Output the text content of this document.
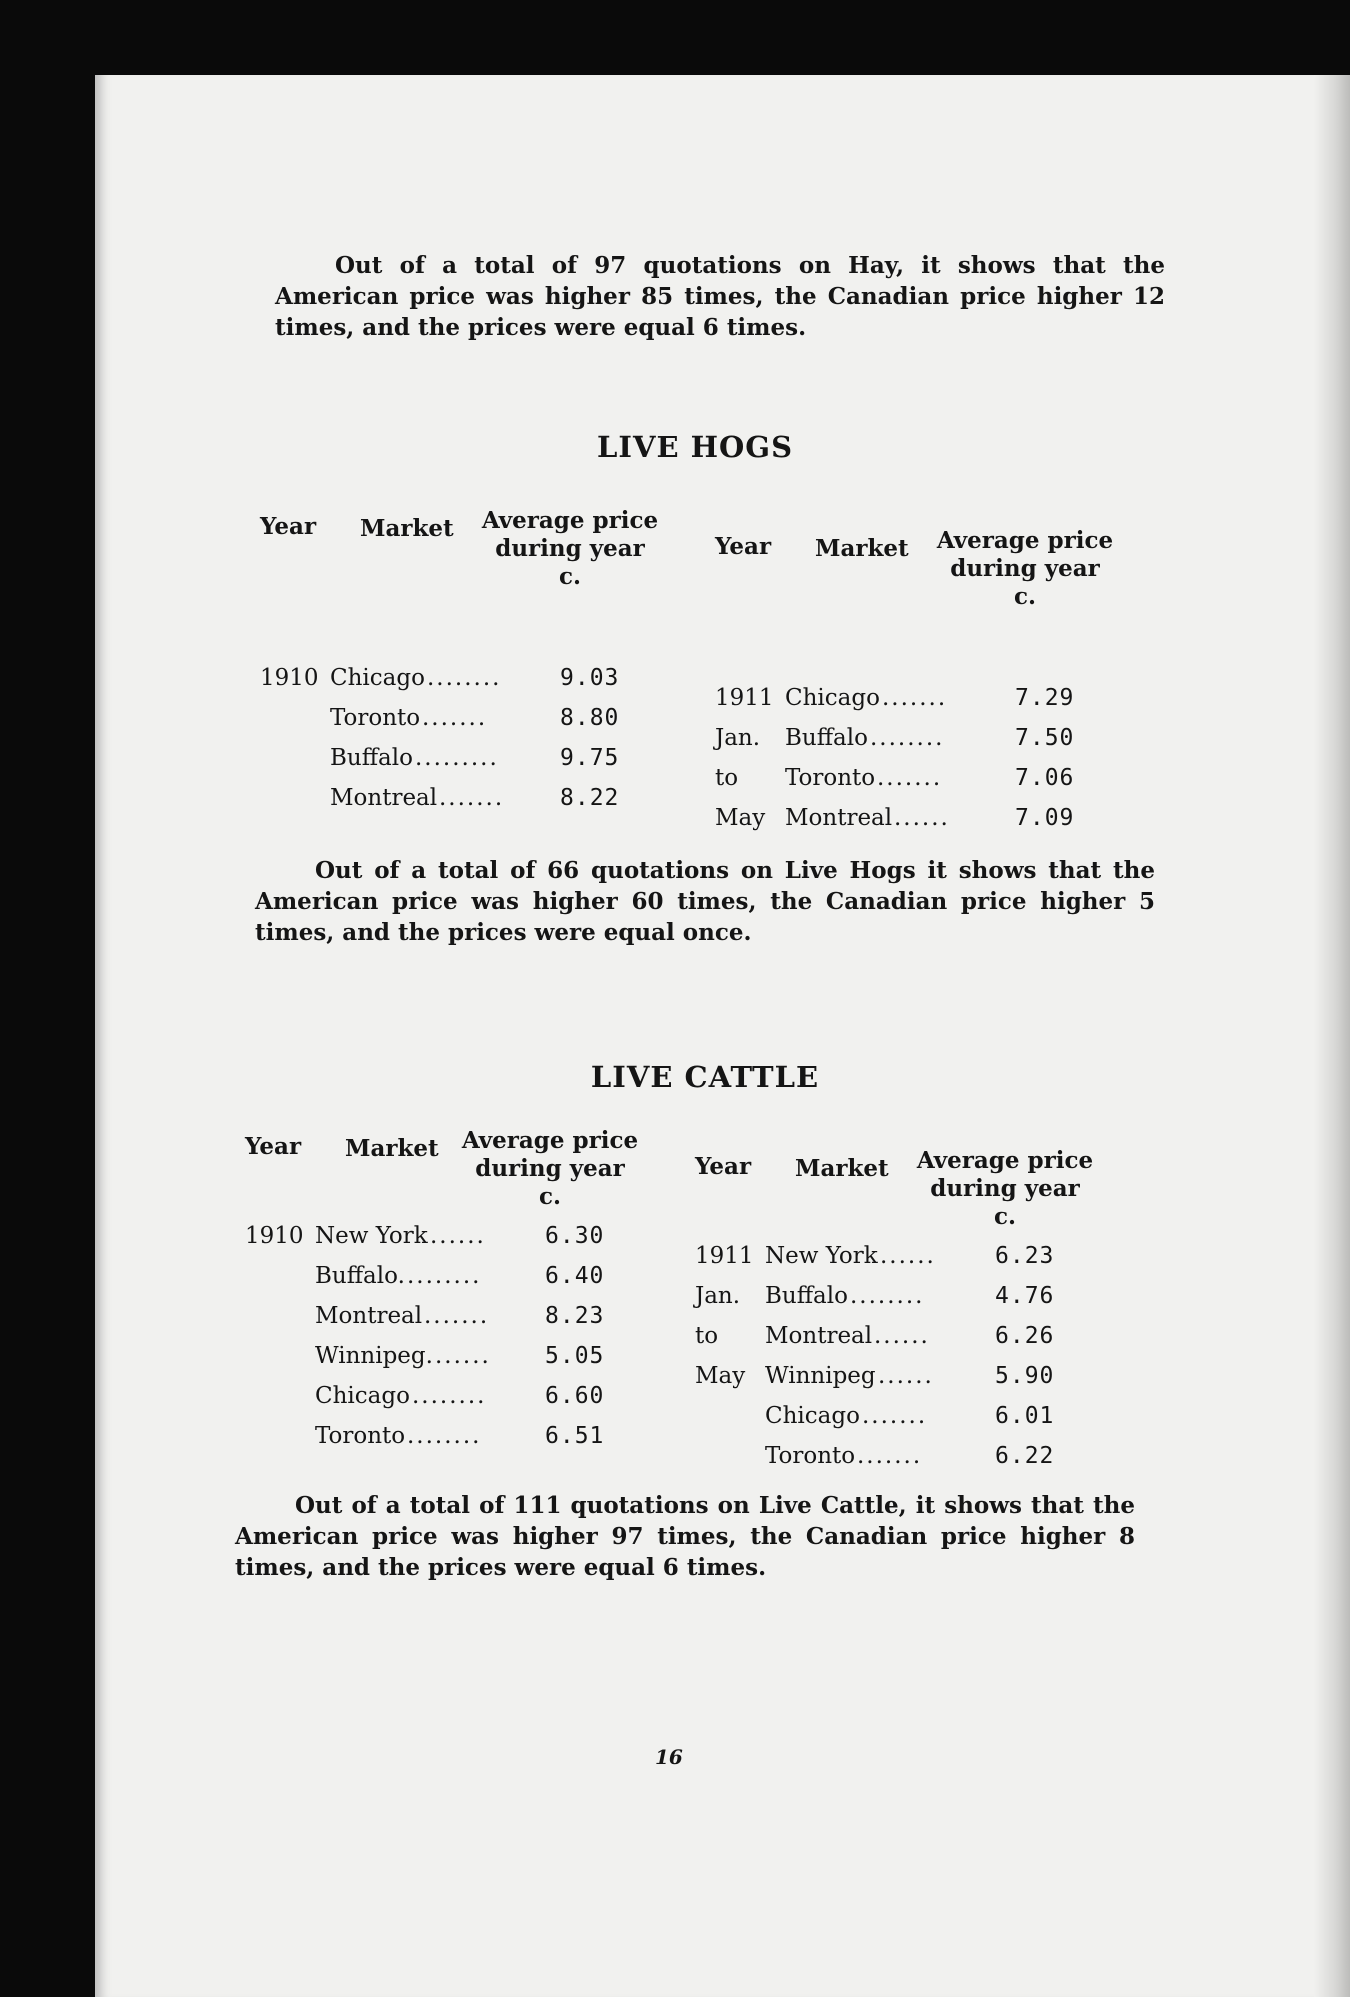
Out of a total of 97 quotations on Hay, it shows that the American price was higher 85 times, the Canadian price higher 12 times, and the prices were equal 6 times.

LIVE HOGS
Year Market Average price
during year
c.
1910 Chicago ........	9.03
Toronto .......	8.80
Buffalo .........	9.75
Montreal ....... 8.22
Year Market Average price
during year
c.
1911 Chicago .......	7.29
Jan. Buffalo ........	7.50
to Toronto .......	7.06
May Montreal ......	7.09

Out of a total of 66 quotations on Live Hogs it shows that the American price was higher 60 times, the Canadian price higher 5 times, and the prices were equal once.

LIVE CATTLE
Year Market Average price
during year
c.
1910 New York ......	6.30
Buffalo. ........	6.40
Montreal ....... 8.23
Winnipeg. ...... 5.05
Chicago ........	6.60
Toronto ........	6.51
Year Market Average price
during year
c.
1911 New York ......	6.23
Jan. Buffalo ........	4.76
to Montreal ......	6.26
May Winnipeg ......	5.90
Chicago .......	6.01
Toronto .......	6.22

Out of a total of 111 quotations on Live Cattle, it shows that the American price was higher 97 times, the Canadian price higher 8 times, and the prices were equal 6 times.

16
